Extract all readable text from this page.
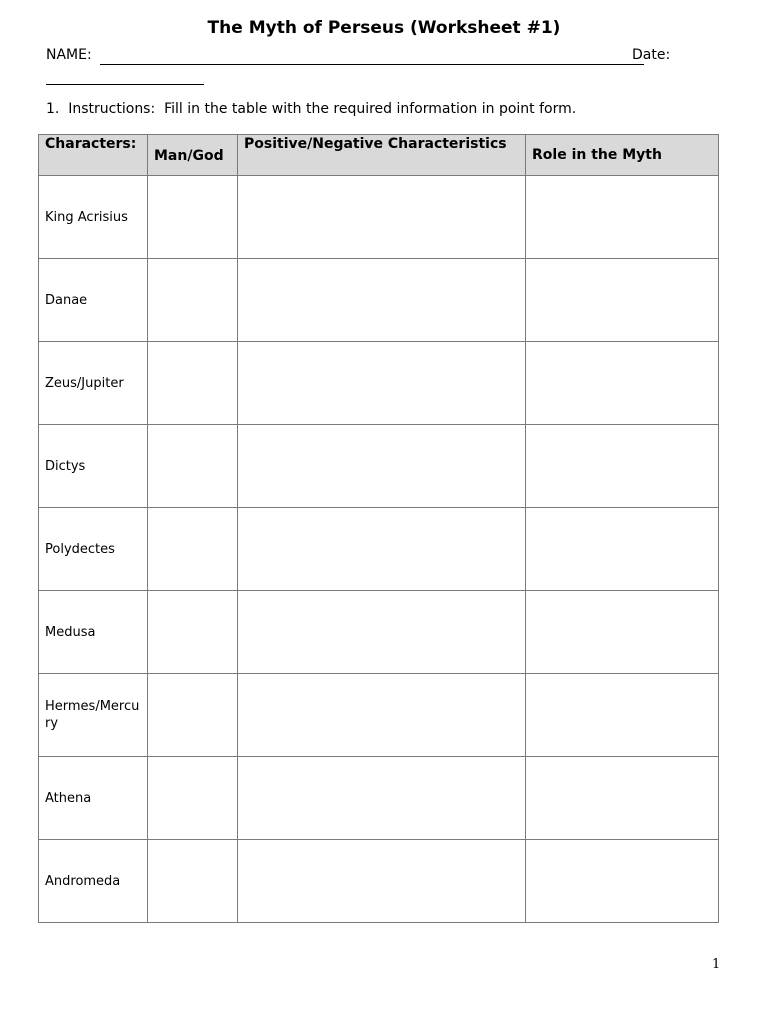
The Myth of Perseus (Worksheet #1)
NAME:	Date:
1.  Instructions:  Fill in the table with the required information in point form.
Characters:	Man/God	Positive/Negative Characteristics	Role in the Myth
King Acrisius			
Danae			
Zeus/Jupiter			
Dictys			
Polydectes			
Medusa			
Hermes/Mercury			
Athena			
Andromeda			
1
